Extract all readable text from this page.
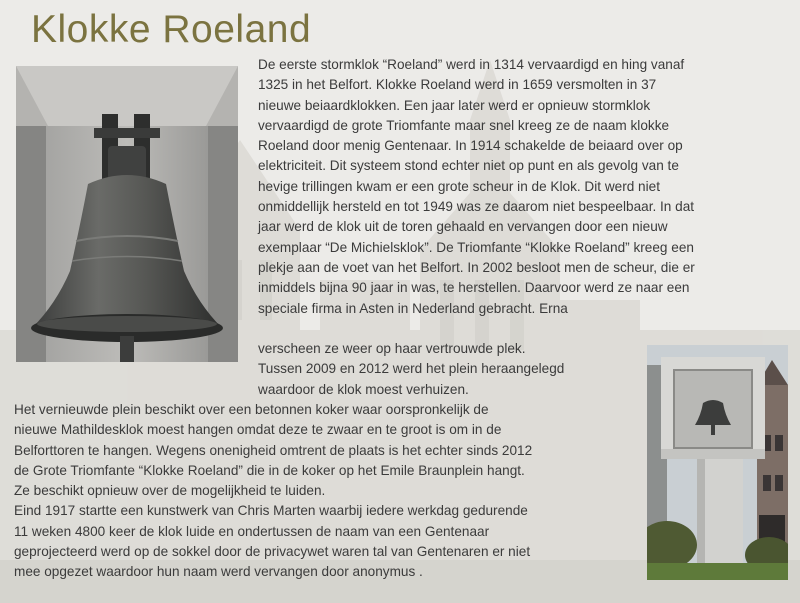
Klokke Roeland

De eerste stormklok “Roeland” werd in 1314 vervaardigd en hing vanaf
1325 in het Belfort. Klokke Roeland werd in 1659 versmolten in 37
nieuwe beiaardklokken. Een jaar later werd er opnieuw stormklok
vervaardigd de grote Triomfante maar snel kreeg ze de naam klokke
Roeland door menig Gentenaar. In 1914 schakelde de beiaard over op
elektriciteit. Dit systeem stond echter niet op punt en als gevolg van te
hevige trillingen kwam er een grote scheur in de Klok. Dit werd niet
onmiddellijk hersteld en tot 1949 was ze daarom niet bespeelbaar. In dat
jaar werd de klok uit de toren gehaald en vervangen door een nieuw
exemplaar “De Michielsklok”. De Triomfante “Klokke Roeland” kreeg een
plekje aan de voet van het Belfort. In 2002 besloot men de scheur, die er
inmiddels bijna 90 jaar in was, te herstellen. Daarvoor werd ze naar een
speciale firma in Asten in Nederland gebracht. Erna

verscheen ze weer op haar vertrouwde plek.
Tussen 2009 en 2012 werd het plein heraangelegd
waardoor de klok moest verhuizen.

Het vernieuwde plein beschikt over een betonnen koker waar oorspronkelijk de
nieuwe Mathildesklok moest hangen omdat deze te zwaar en te groot is om in de
Belforttoren te hangen. Wegens onenigheid omtrent de plaats is het echter sinds 2012
de Grote Triomfante “Klokke Roeland” die in de koker op het Emile Braunplein hangt.
Ze beschikt opnieuw over de mogelijkheid te luiden.
Eind 1917 startte een kunstwerk van Chris Marten waarbij iedere werkdag gedurende
11 weken 4800 keer de klok luide en ondertussen de naam van een Gentenaar
geprojecteerd werd op de sokkel door de privacywet waren tal van Gentenaren er niet
mee opgezet waardoor hun naam werd vervangen door anonymus .
